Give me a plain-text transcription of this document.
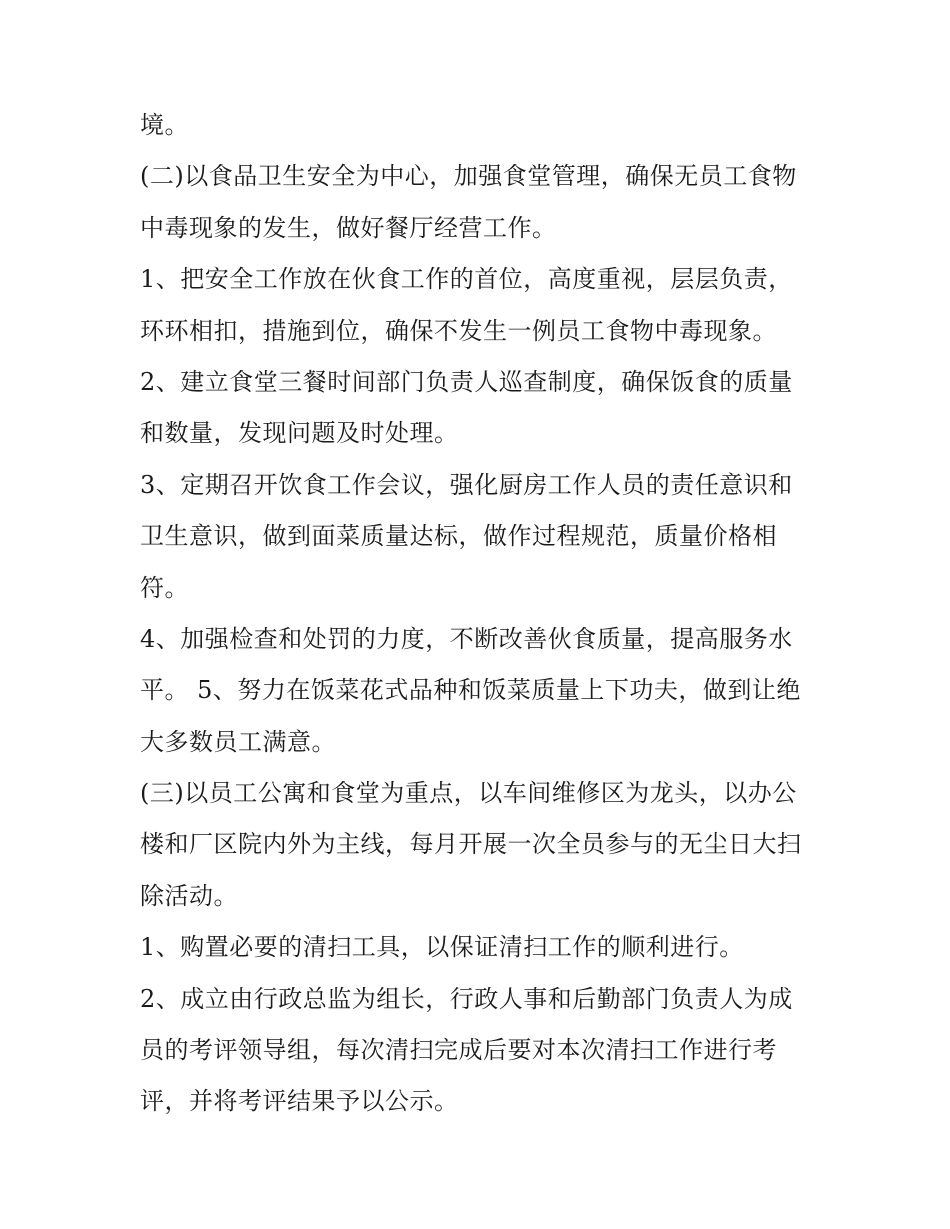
境。
(二)以食品卫生安全为中心，加强食堂管理，确保无员工食物
中毒现象的发生，做好餐厅经营工作。
1、把安全工作放在伙食工作的首位，高度重视，层层负责，
环环相扣，措施到位，确保不发生一例员工食物中毒现象。
2、建立食堂三餐时间部门负责人巡查制度，确保饭食的质量
和数量，发现问题及时处理。
3、定期召开饮食工作会议，强化厨房工作人员的责任意识和
卫生意识，做到面菜质量达标，做作过程规范，质量价格相
符。
4、加强检查和处罚的力度，不断改善伙食质量，提高服务水
平。 5、努力在饭菜花式品种和饭菜质量上下功夫，做到让绝
大多数员工满意。
(三)以员工公寓和食堂为重点，以车间维修区为龙头，以办公
楼和厂区院内外为主线，每月开展一次全员参与的无尘日大扫
除活动。
1、购置必要的清扫工具，以保证清扫工作的顺利进行。
2、成立由行政总监为组长，行政人事和后勤部门负责人为成
员的考评领导组，每次清扫完成后要对本次清扫工作进行考
评，并将考评结果予以公示。
